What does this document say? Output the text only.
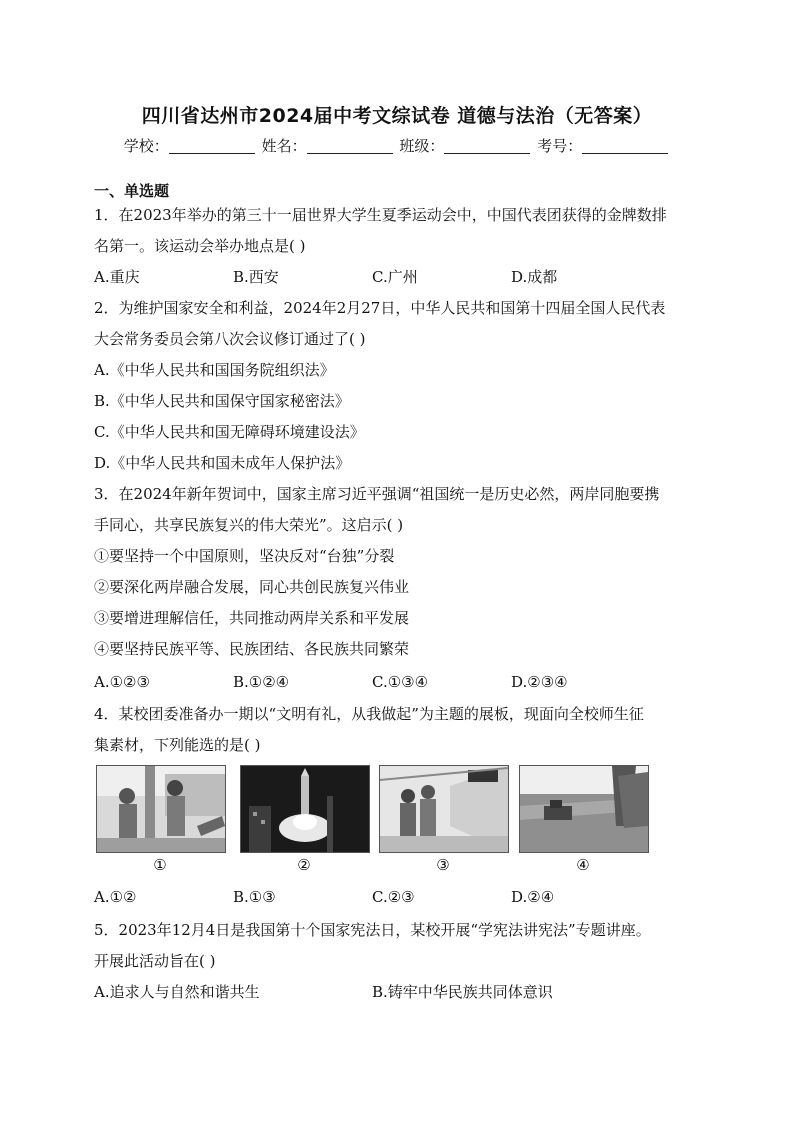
四川省达州市2024届中考文综试卷 道德与法治（无答案）
学校：	姓名：	班级：	考号：
一、单选题
1．在2023年举办的第三十一届世界大学生夏季运动会中，中国代表团获得的金牌数排
名第一。该运动会举办地点是( )
A.重庆	B.西安	C.广州	D.成都
2．为维护国家安全和利益，2024年2月27日，中华人民共和国第十四届全国人民代表
大会常务委员会第八次会议修订通过了( )
A.《中华人民共和国国务院组织法》
B.《中华人民共和国保守国家秘密法》
C.《中华人民共和国无障碍环境建设法》
D.《中华人民共和国未成年人保护法》
3．在2024年新年贺词中，国家主席习近平强调“祖国统一是历史必然，两岸同胞要携
手同心，共享民族复兴的伟大荣光”。这启示( )
①要坚持一个中国原则，坚决反对“台独”分裂
②要深化两岸融合发展，同心共创民族复兴伟业
③要增进理解信任，共同推动两岸关系和平发展
④要坚持民族平等、民族团结、各民族共同繁荣
A.①②③	B.①②④	C.①③④	D.②③④
4．某校团委准备办一期以“文明有礼，从我做起”为主题的展板，现面向全校师生征
集素材，下列能选的是( )
①	②	③	④
A.①②	B.①③	C.②③	D.②④
5．2023年12月4日是我国第十个国家宪法日，某校开展“学宪法讲宪法”专题讲座。
开展此活动旨在( )
A.追求人与自然和谐共生	B.铸牢中华民族共同体意识
